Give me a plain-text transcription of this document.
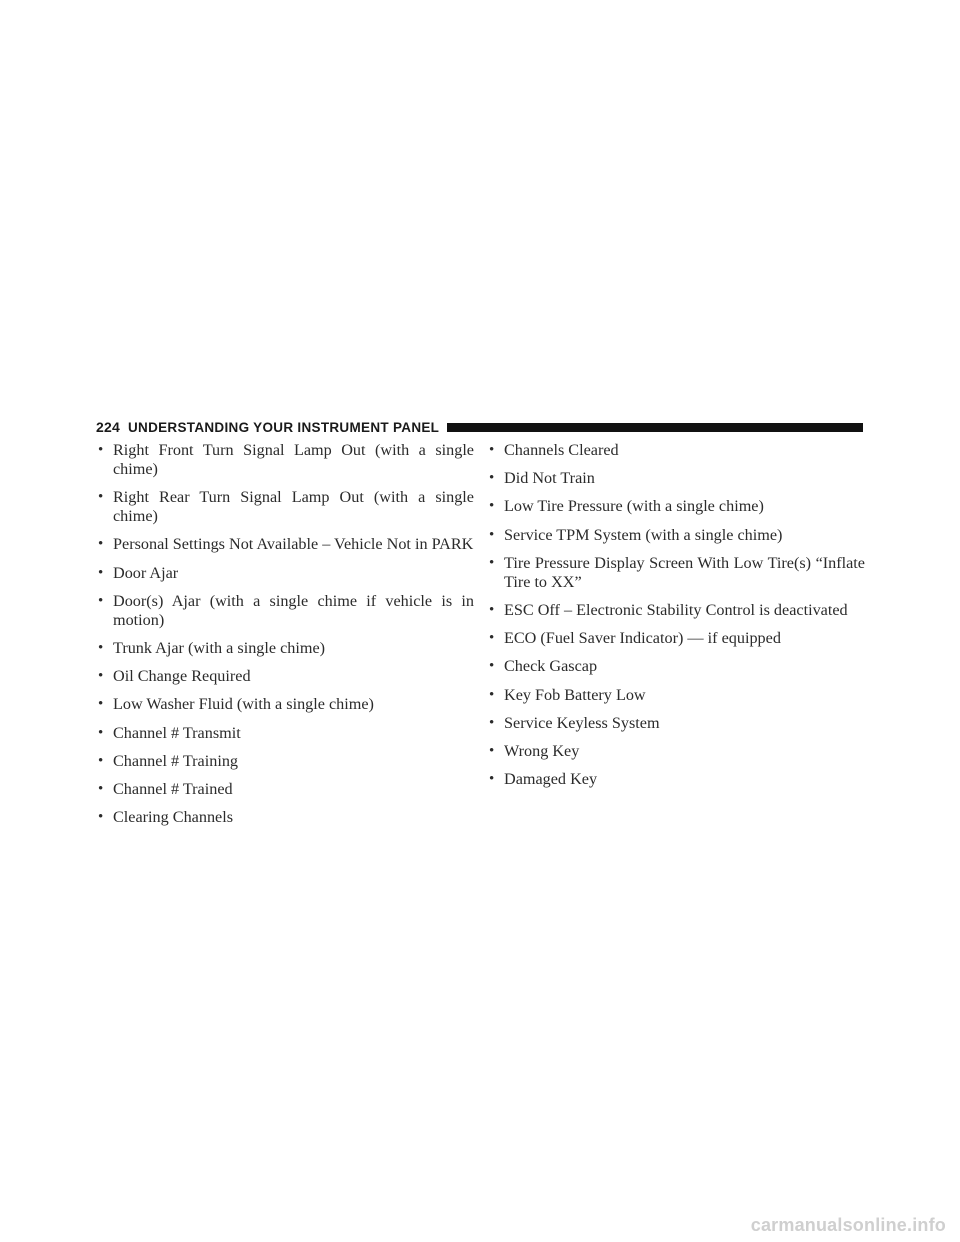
224 UNDERSTANDING YOUR INSTRUMENT PANEL
• Right Front Turn Signal Lamp Out (with a single chime)
• Right Rear Turn Signal Lamp Out (with a single chime)
• Personal Settings Not Available – Vehicle Not in PARK
• Door Ajar
• Door(s) Ajar (with a single chime if vehicle is in motion)
• Trunk Ajar (with a single chime)
• Oil Change Required
• Low Washer Fluid (with a single chime)
• Channel # Transmit
• Channel # Training
• Channel # Trained
• Clearing Channels
• Channels Cleared
• Did Not Train
• Low Tire Pressure (with a single chime)
• Service TPM System (with a single chime)
• Tire Pressure Display Screen With Low Tire(s) “Inflate Tire to XX”
• ESC Off – Electronic Stability Control is deactivated
• ECO (Fuel Saver Indicator) — if equipped
• Check Gascap
• Key Fob Battery Low
• Service Keyless System
• Wrong Key
• Damaged Key
carmanualsonline.info
